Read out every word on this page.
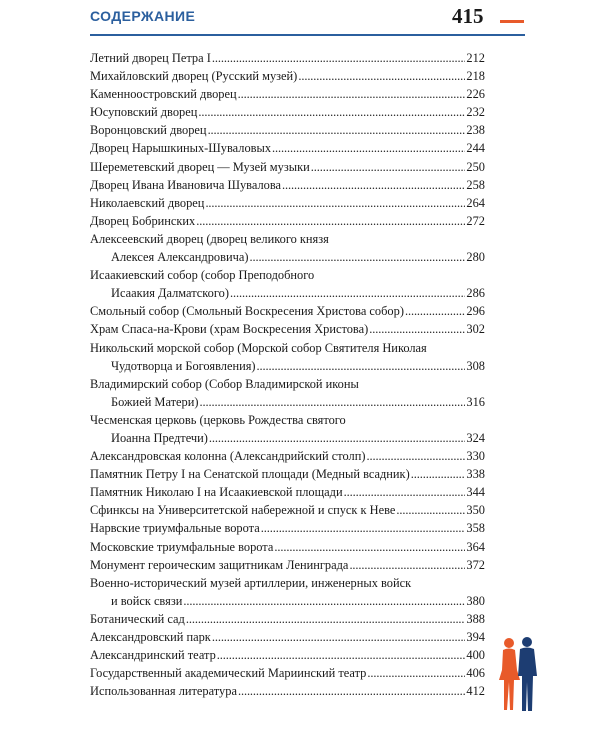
СОДЕРЖАНИЕ	415
Летний дворец Петра I . . .	212
Михайловский дворец (Русский музей) . . .	218
Каменноостровский дворец . . .	226
Юсуповский дворец . . .	232
Воронцовский дворец . . .	238
Дворец Нарышкиных-Шуваловых . . .	244
Шереметевский дворец — Музей музыки . . .	250
Дворец Ивана Ивановича Шувалова . . .	258
Николаевский дворец . . .	264
Дворец Бобринских . . .	272
Алексеевский дворец (дворец великого князя
Алексея Александровича) . . .	280
Исаакиевский собор (собор Преподобного
Исаакия Далматского) . . .	286
Смольный собор (Смольный Воскресения Христова собор) . . .	296
Храм Спаса-на-Крови (храм Воскресения Христова) . . .	302
Никольский морской собор (Морской собор Святителя Николая
Чудотворца и Богоявления) . . .	308
Владимирский собор (Собор Владимирской иконы
Божией Матери) . . .	316
Чесменская церковь (церковь Рождества святого
Иоанна Предтечи) . . .	324
Александровская колонна (Александрийский столп) . . .	330
Памятник Петру I на Сенатской площади (Медный всадник) . . .	338
Памятник Николаю I на Исаакиевской площади . . .	344
Сфинксы на Университетской набережной и спуск к Неве . . .	350
Нарвские триумфальные ворота . . .	358
Московские триумфальные ворота . . .	364
Монумент героическим защитникам Ленинграда . . .	372
Военно-исторический музей артиллерии, инженерных войск
и войск связи . . .	380
Ботанический сад . . .	388
Александровский парк . . .	394
Александринский театр . . .	400
Государственный академический Мариинский театр . . .	406
Использованная литература . . .	412
